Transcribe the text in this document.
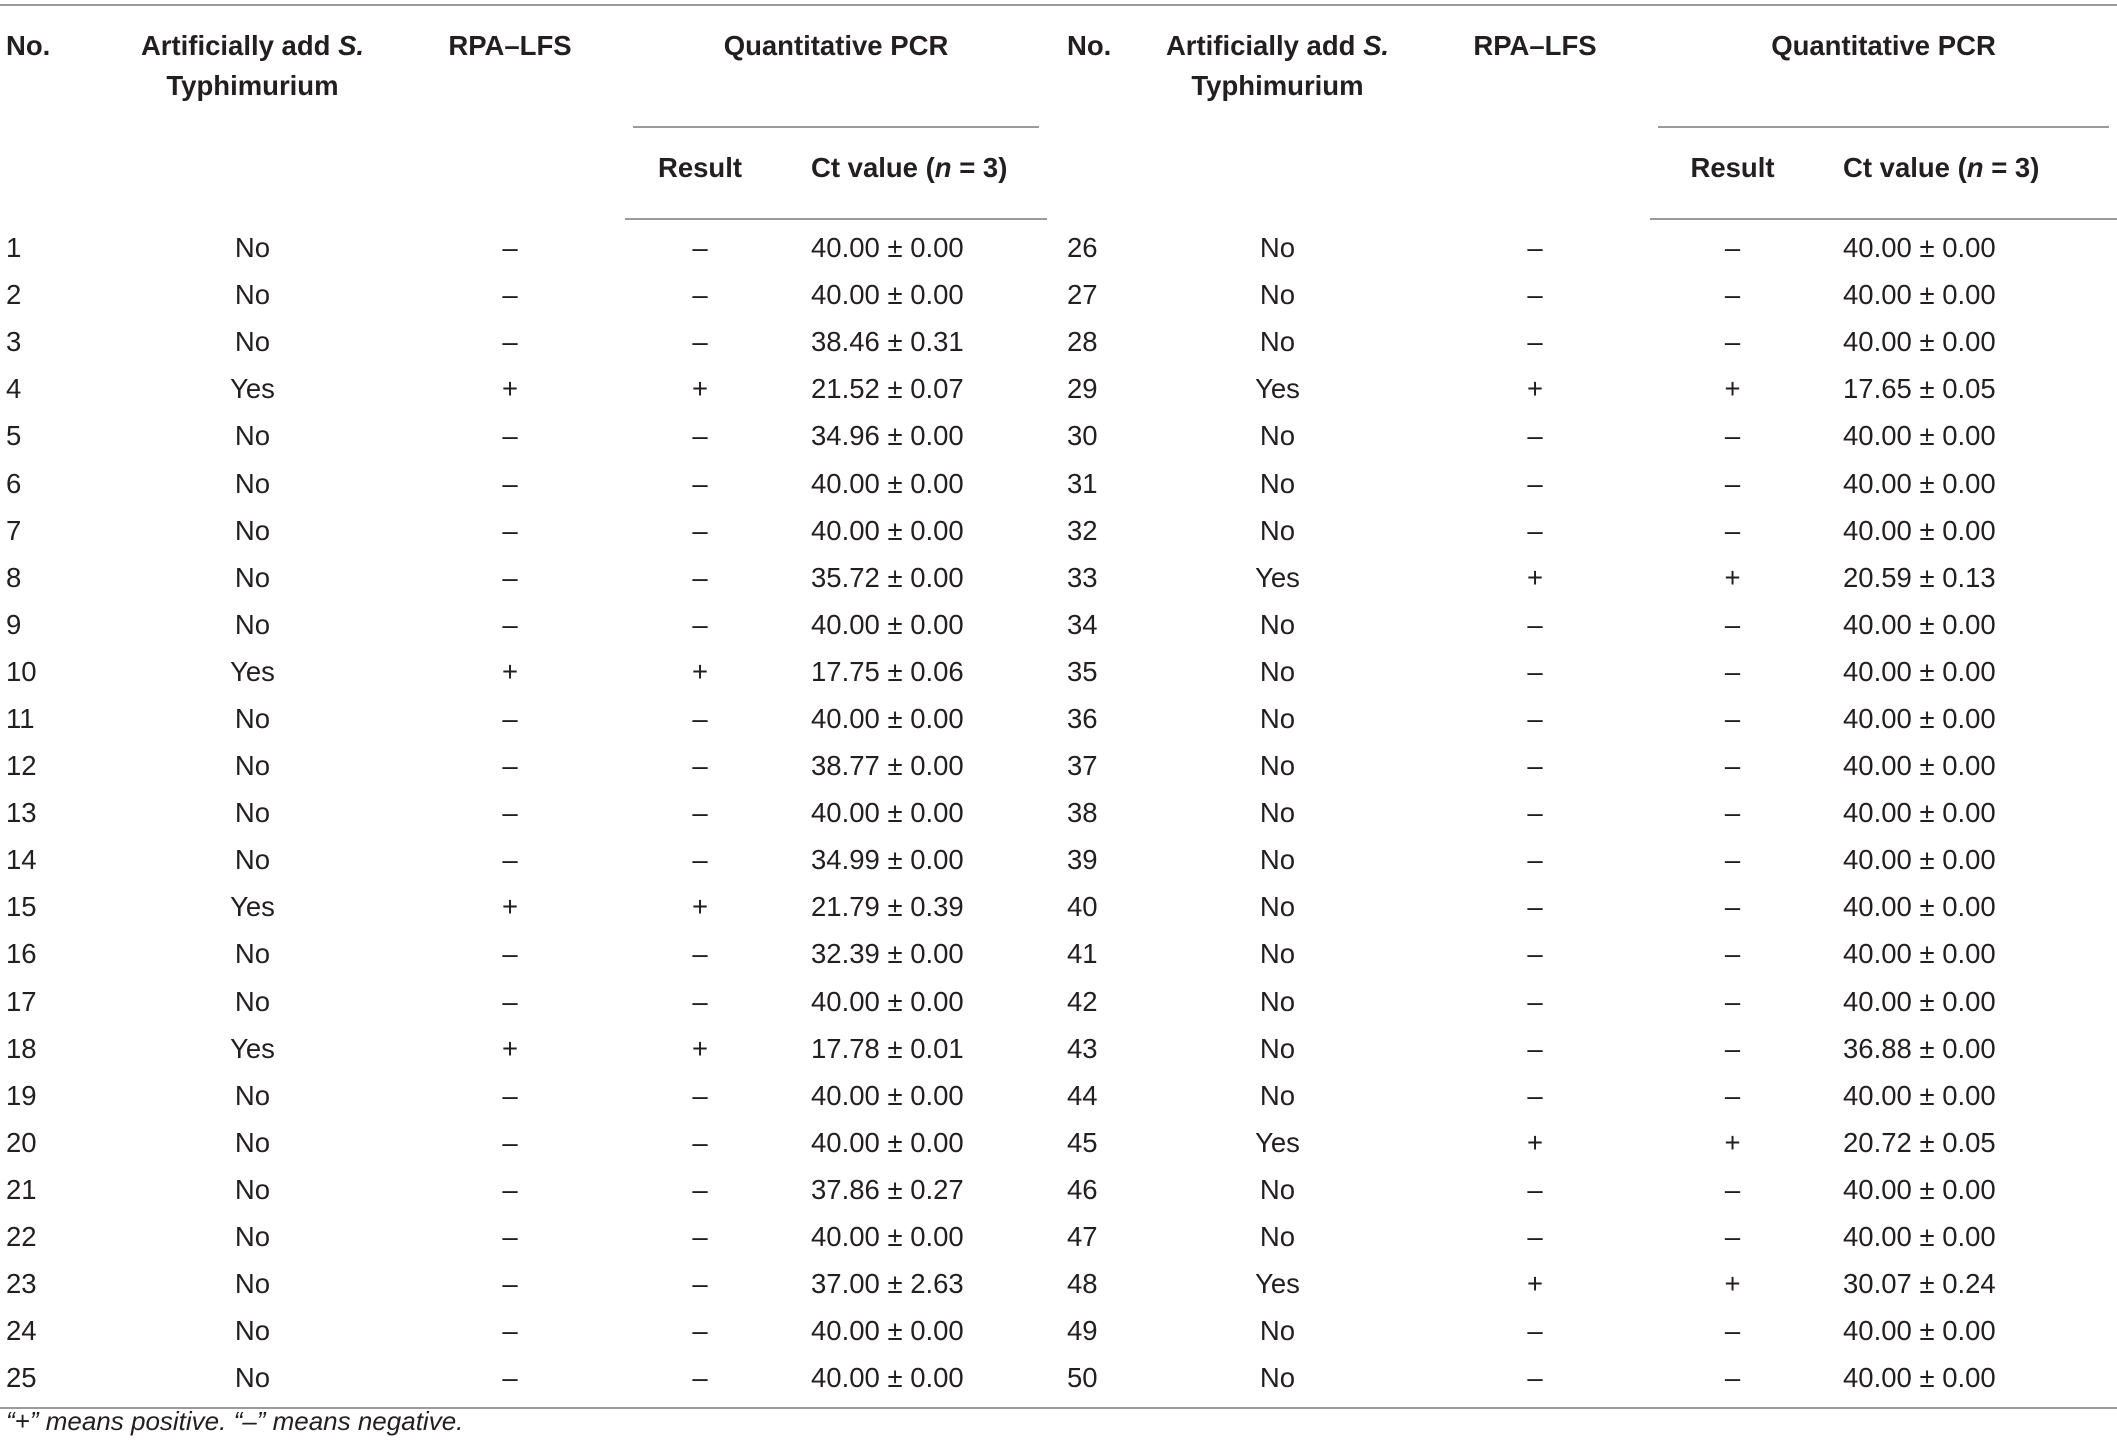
No.	Artificially add S.
Typhimurium	RPA–LFS	Quantitative PCR			No.	Artificially add S.
Typhimurium	RPA–LFS	Quantitative PCR	
			Result	Ct value (n = 3)					Result	Ct value (n = 3)
1	No	–	–	40.00 ± 0.00		26	No	–	–	40.00 ± 0.00
2	No	–	–	40.00 ± 0.00		27	No	–	–	40.00 ± 0.00
3	No	–	–	38.46 ± 0.31		28	No	–	–	40.00 ± 0.00
4	Yes	+	+	21.52 ± 0.07		29	Yes	+	+	17.65 ± 0.05
5	No	–	–	34.96 ± 0.00		30	No	–	–	40.00 ± 0.00
6	No	–	–	40.00 ± 0.00		31	No	–	–	40.00 ± 0.00
7	No	–	–	40.00 ± 0.00		32	No	–	–	40.00 ± 0.00
8	No	–	–	35.72 ± 0.00		33	Yes	+	+	20.59 ± 0.13
9	No	–	–	40.00 ± 0.00		34	No	–	–	40.00 ± 0.00
10	Yes	+	+	17.75 ± 0.06		35	No	–	–	40.00 ± 0.00
11	No	–	–	40.00 ± 0.00		36	No	–	–	40.00 ± 0.00
12	No	–	–	38.77 ± 0.00		37	No	–	–	40.00 ± 0.00
13	No	–	–	40.00 ± 0.00		38	No	–	–	40.00 ± 0.00
14	No	–	–	34.99 ± 0.00		39	No	–	–	40.00 ± 0.00
15	Yes	+	+	21.79 ± 0.39		40	No	–	–	40.00 ± 0.00
16	No	–	–	32.39 ± 0.00		41	No	–	–	40.00 ± 0.00
17	No	–	–	40.00 ± 0.00		42	No	–	–	40.00 ± 0.00
18	Yes	+	+	17.78 ± 0.01		43	No	–	–	36.88 ± 0.00
19	No	–	–	40.00 ± 0.00		44	No	–	–	40.00 ± 0.00
20	No	–	–	40.00 ± 0.00		45	Yes	+	+	20.72 ± 0.05
21	No	–	–	37.86 ± 0.27		46	No	–	–	40.00 ± 0.00
22	No	–	–	40.00 ± 0.00		47	No	–	–	40.00 ± 0.00
23	No	–	–	37.00 ± 2.63		48	Yes	+	+	30.07 ± 0.24
24	No	–	–	40.00 ± 0.00		49	No	–	–	40.00 ± 0.00
25	No	–	–	40.00 ± 0.00		50	No	–	–	40.00 ± 0.00
“+” means positive. “–” means negative.
